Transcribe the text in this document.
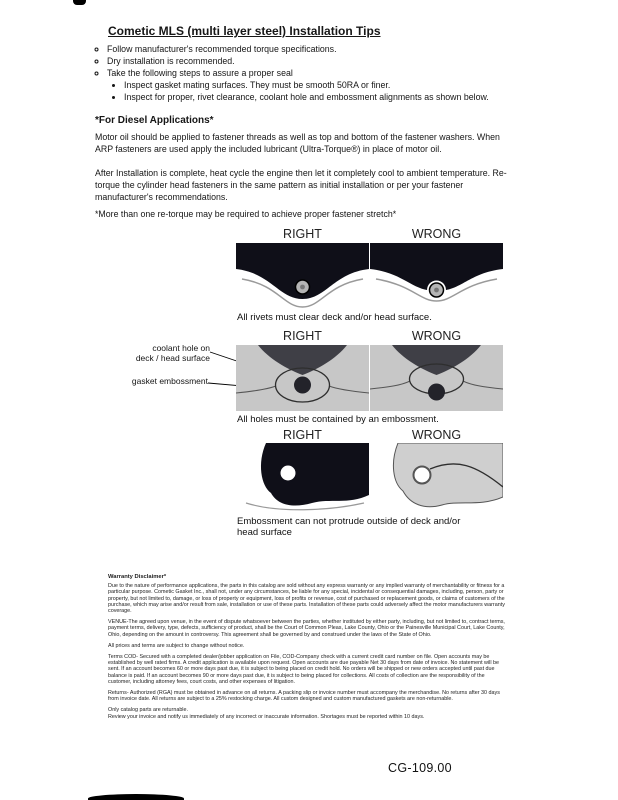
Cometic MLS (multi layer steel) Installation Tips
◦ Follow manufacturer's recommended torque specifications.
◦ Dry installation is recommended.
◦ Take the following steps to assure a proper seal
• Inspect gasket mating surfaces. They must be smooth 50RA or finer.
• Inspect for proper, rivet clearance, coolant hole and embossment alignments as shown below.
*For Diesel Applications*

Motor oil should be applied to fastener threads as well as top and bottom of the fastener washers. When ARP fasteners are used apply the included lubricant (Ultra-Torque®) in place of motor oil.

After Installation is complete, heat cycle the engine then let it completely cool to ambient temperature. Re-torque the cylinder head fasteners in the same pattern as initial installation or per your fastener manufacturer's recommendations.

*More than one re-torque may be required to achieve proper fastener stretch*

RIGHT	WRONG

All rivets must clear deck and/or head surface.

RIGHT	WRONG
coolant hole on
deck / head surface
gasket embossment

All holes must be contained by an embossment.

RIGHT	WRONG

Embossment can not protrude outside of deck and/or head surface

Warranty Disclaimer*

Due to the nature of performance applications, the parts in this catalog are sold without any express warranty or any implied warranty of merchantability or fitness for a particular purpose. Cometic Gasket Inc., shall not, under any circumstances, be liable for any special, incidental or consequential damages, including, person, party or property, but not limited to, damage, or loss of property or equipment, loss of profits or revenue, cost of purchased or replacement goods, or claims of customers of the purchase, which may arise and/or result from sale, installation or use of these parts. Installation of these parts could adversely affect the motor manufacturers warranty coverage.

VENUE-The agreed upon venue, in the event of dispute whatsoever between the parties, whether instituted by either party, including, but not limited to, contract terms, payment terms, delivery, type, defects, sufficiency of product, shall be the Court of Common Pleas, Lake County, Ohio or the Painesville Municipal Court, Lake County, Ohio, depending on the amount in controversy. This agreement shall be governed by and construed under the laws of the State of Ohio.

All prices and terms are subject to change without notice.

Terms COD- Secured with a completed dealer/jobber application on File, COD-Company check with a current credit card number on file. Open accounts may be established by well rated firms. A credit application is available upon request. Open accounts are due payable Net 30 days from date of invoice. No statement will be sent. If an account becomes 60 or more days past due, it is subject to being placed on credit hold. No orders will be shipped or new orders accepted until past due balance is paid. If an account becomes 90 or more days past due, it is subject to being placed for collections. All costs of collection are the responsibility of the customer, including attorney fees, court costs, and other expenses of litigation.

Returns- Authorized (RGA) must be obtained in advance on all returns. A packing slip or invoice number must accompany the merchandise. No returns after 30 days from invoice date. All returns are subject to a 25% restocking charge. All custom designed and custom manufactured gaskets are non-returnable.

Only catalog parts are returnable.

Review your invoice and notify us immediately of any incorrect or inaccurate information. Shortages must be reported within 10 days.

CG-109.00
